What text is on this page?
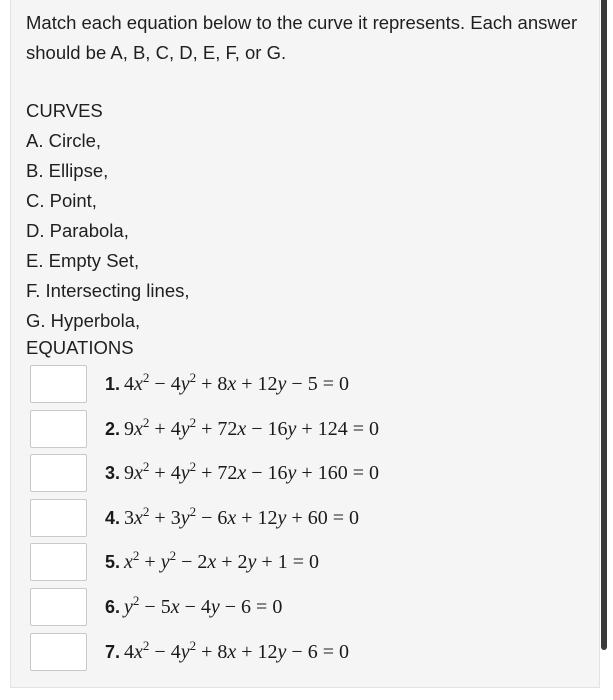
Match each equation below to the curve it represents. Each answer should be A, B, C, D, E, F, or G.
CURVES
A. Circle,
B. Ellipse,
C. Point,
D. Parabola,
E. Empty Set,
F. Intersecting lines,
G. Hyperbola,
EQUATIONS
1. $4x^2 - 4y^2 + 8x + 12y - 5 = 0$
2. $9x^2 + 4y^2 + 72x - 16y + 124 = 0$
3. $9x^2 + 4y^2 + 72x - 16y + 160 = 0$
4. $3x^2 + 3y^2 - 6x + 12y + 60 = 0$
5. $x^2 + y^2 - 2x + 2y + 1 = 0$
6. $y^2 - 5x - 4y - 6 = 0$
7. $4x^2 - 4y^2 + 8x + 12y - 6 = 0$
